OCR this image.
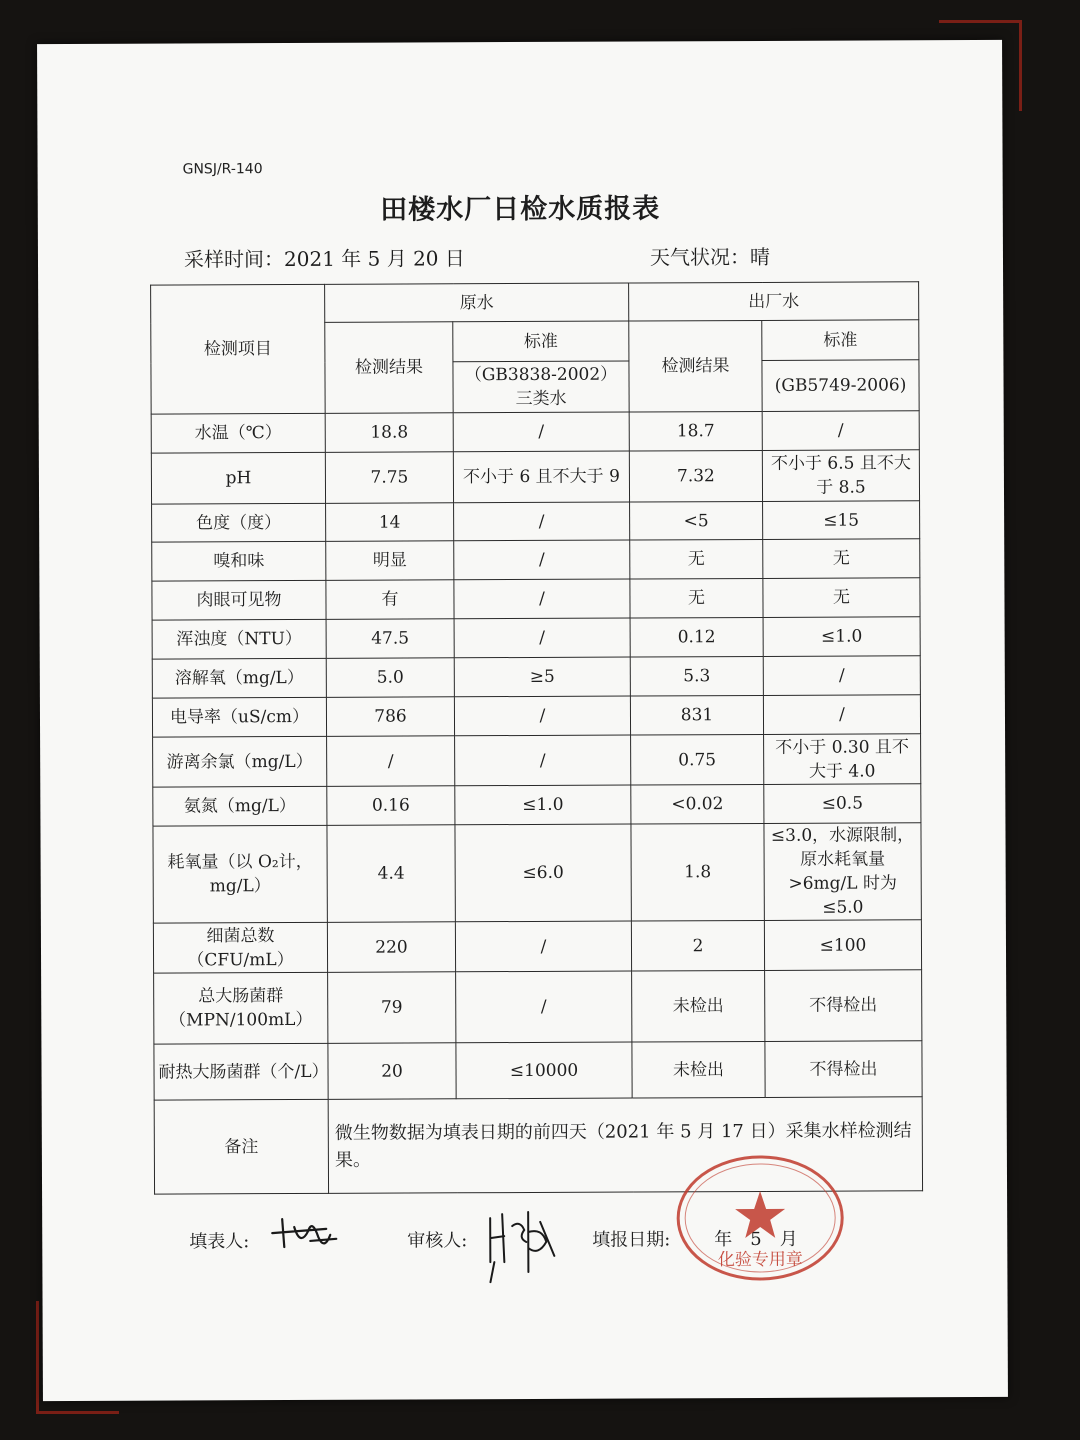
GNSJ/R-140
田楼水厂日检水质报表
采样时间：2021 年 5 月 20 日	天气状况：晴
检测项目	原水		出厂水	
	检测结果	标准	检测结果	标准
		（GB3838-2002）三类水		(GB5749-2006)
水温（℃）	18.8	/	18.7	/
pH	7.75	不小于 6 且不大于 9	7.32	不小于 6.5 且不大于 8.5
色度（度）	14	/	<5	≤15
嗅和味	明显	/	无	无
肉眼可见物	有	/	无	无
浑浊度（NTU）	47.5	/	0.12	≤1.0
溶解氧（mg/L）	5.0	≥5	5.3	/
电导率（uS/cm）	786	/	831	/
游离余氯（mg/L）	/	/	0.75	不小于 0.30 且不大于 4.0
氨氮（mg/L）	0.16	≤1.0	<0.02	≤0.5
耗氧量（以 O₂计，mg/L）	4.4	≤6.0	1.8	≤3.0，水源限制，原水耗氧量>6mg/L 时为≤5.0
细菌总数（CFU/mL）	220	/	2	≤100
总大肠菌群（MPN/100mL）	79	/	未检出	不得检出
耐热大肠菌群（个/L）	20	≤10000	未检出	不得检出
备注	微生物数据为填表日期的前四天（2021 年 5 月 17 日）采集水样检测结果。			
填表人:	审核人:	填报日期: 年　5　月
化验专用章
